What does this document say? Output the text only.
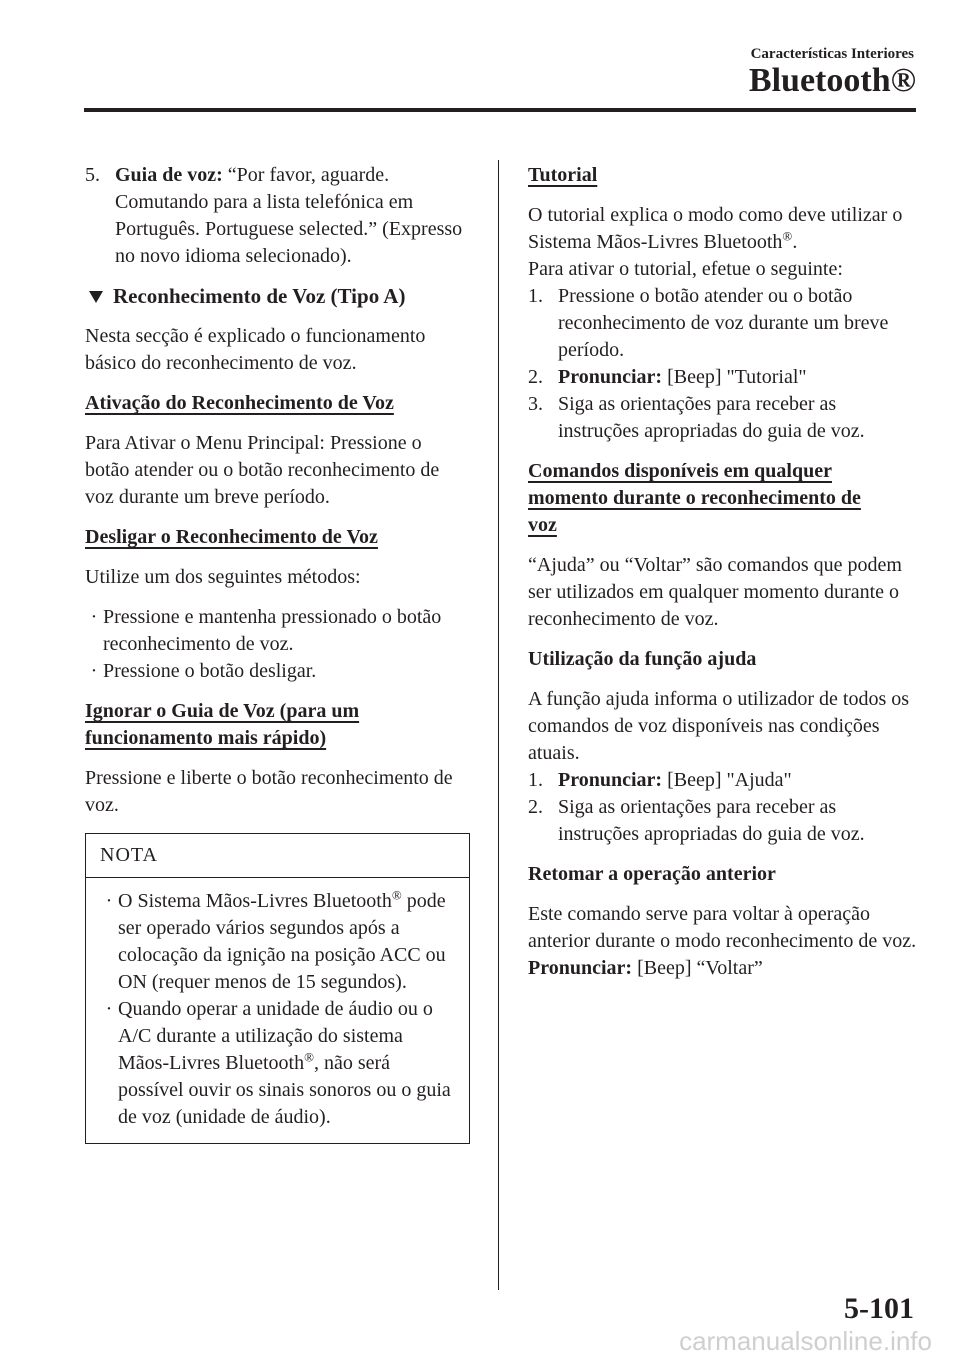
Características Interiores
Bluetooth®
5. Guia de voz: “Por favor, aguarde. Comutando para a lista telefónica em Português. Portuguese selected.” (Expresso no novo idioma selecionado).
Reconhecimento de Voz (Tipo A)

Nesta secção é explicado o funcionamento básico do reconhecimento de voz.

Ativação do Reconhecimento de Voz

Para Ativar o Menu Principal: Pressione o botão atender ou o botão reconhecimento de voz durante um breve período.

Desligar o Reconhecimento de Voz

Utilize um dos seguintes métodos:

· Pressione e mantenha pressionado o botão reconhecimento de voz.
· Pressione o botão desligar.

Ignorar o Guia de Voz (para um

funcionamento mais rápido)

Pressione e liberte o botão reconhecimento de voz.

NOTA
· O Sistema Mãos-Livres Bluetooth® pode ser operado vários segundos após a colocação da ignição na posição ACC ou ON (requer menos de 15 segundos).
· Quando operar a unidade de áudio ou o A/C durante a utilização do sistema Mãos-Livres Bluetooth®, não será possível ouvir os sinais sonoros ou o guia de voz (unidade de áudio).

Tutorial

O tutorial explica o modo como deve utilizar o Sistema Mãos-Livres Bluetooth®.

Para ativar o tutorial, efetue o seguinte:

1. Pressione o botão atender ou o botão reconhecimento de voz durante um breve período.
2. Pronunciar: [Beep] "Tutorial"
3. Siga as orientações para receber as instruções apropriadas do guia de voz.

Comandos disponíveis em qualquer

momento durante o reconhecimento de

voz

“Ajuda” ou “Voltar” são comandos que podem ser utilizados em qualquer momento durante o reconhecimento de voz.

Utilização da função ajuda

A função ajuda informa o utilizador de todos os comandos de voz disponíveis nas condições atuais.

1. Pronunciar: [Beep] "Ajuda"
2. Siga as orientações para receber as instruções apropriadas do guia de voz.

Retomar a operação anterior

Este comando serve para voltar à operação anterior durante o modo reconhecimento de voz.

Pronunciar: [Beep] “Voltar”

5-101
carmanualsonline.info
